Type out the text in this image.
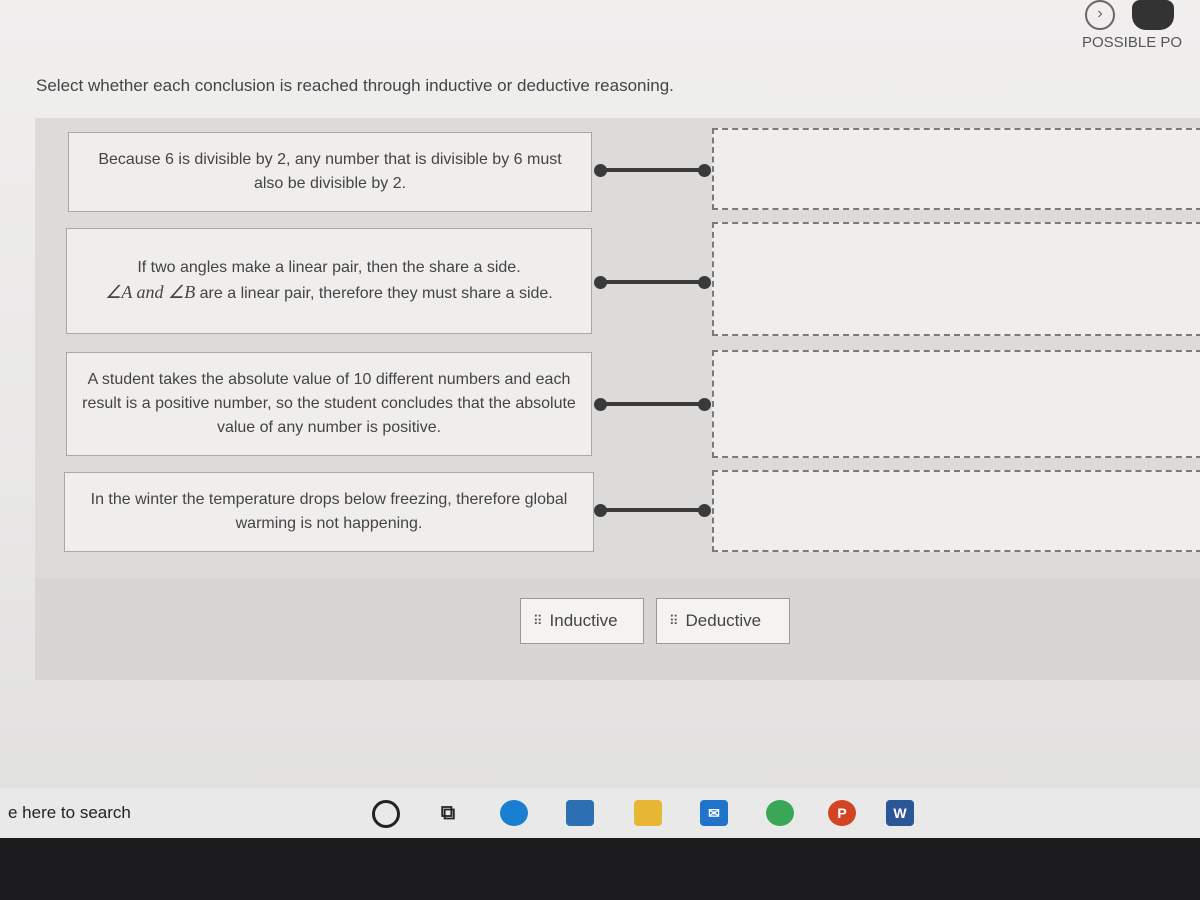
›
POSSIBLE PO
Select whether each conclusion is reached through inductive or deductive reasoning.
Because 6 is divisible by 2, any number that is divisible by 6 must also be divisible by 2.
If two angles make a linear pair, then the share a side.
∠A and ∠B are a linear pair, therefore they must share a side.
A student takes the absolute value of 10 different numbers and each result is a positive number, so the student concludes that the absolute value of any number is positive.
In the winter the temperature drops below freezing, therefore global warming is not happening.
⠿ Inductive	⠿ Deductive
e here to search	⧉	✉	P	W
